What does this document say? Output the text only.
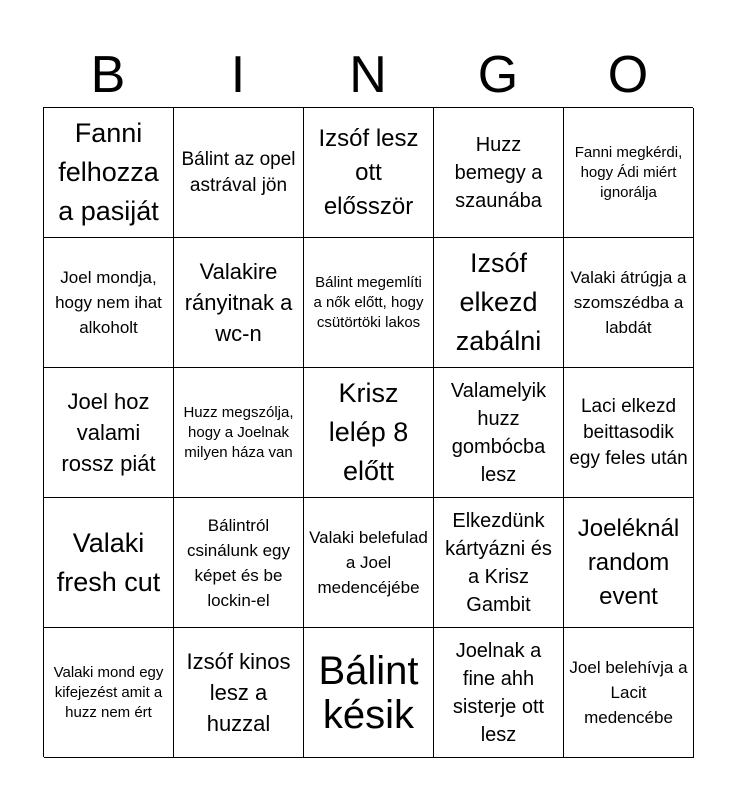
B	I	N	G	O
Fanni felhozza a pasiját
Bálint az opel astrával jön
Izsóf lesz ott elősször
Huzz bemegy a szaunába
Fanni megkérdi, hogy Ádi miért ignorálja
Joel mondja, hogy nem ihat alkoholt
Valakire rányitnak a wc-n
Bálint megemlíti a nők előtt, hogy csütörtöki lakos
Izsóf elkezd zabálni
Valaki átrúgja a szomszédba a labdát
Joel hoz valami rossz piát
Huzz megszólja, hogy a Joelnak milyen háza van
Krisz lelép 8 előtt
Valamelyik huzz gombócba lesz
Laci elkezd beittasodik egy feles után
Valaki fresh cut
Bálintról csinálunk egy képet és be lockin-el
Valaki belefulad a Joel medencéjébe
Elkezdünk kártyázni és a Krisz Gambit
Joeléknál random event
Valaki mond egy kifejezést amit a huzz nem ért
Izsóf kinos lesz a huzzal
Bálint késik
Joelnak a fine ahh sisterje ott lesz
Joel belehívja a Lacit medencébe
